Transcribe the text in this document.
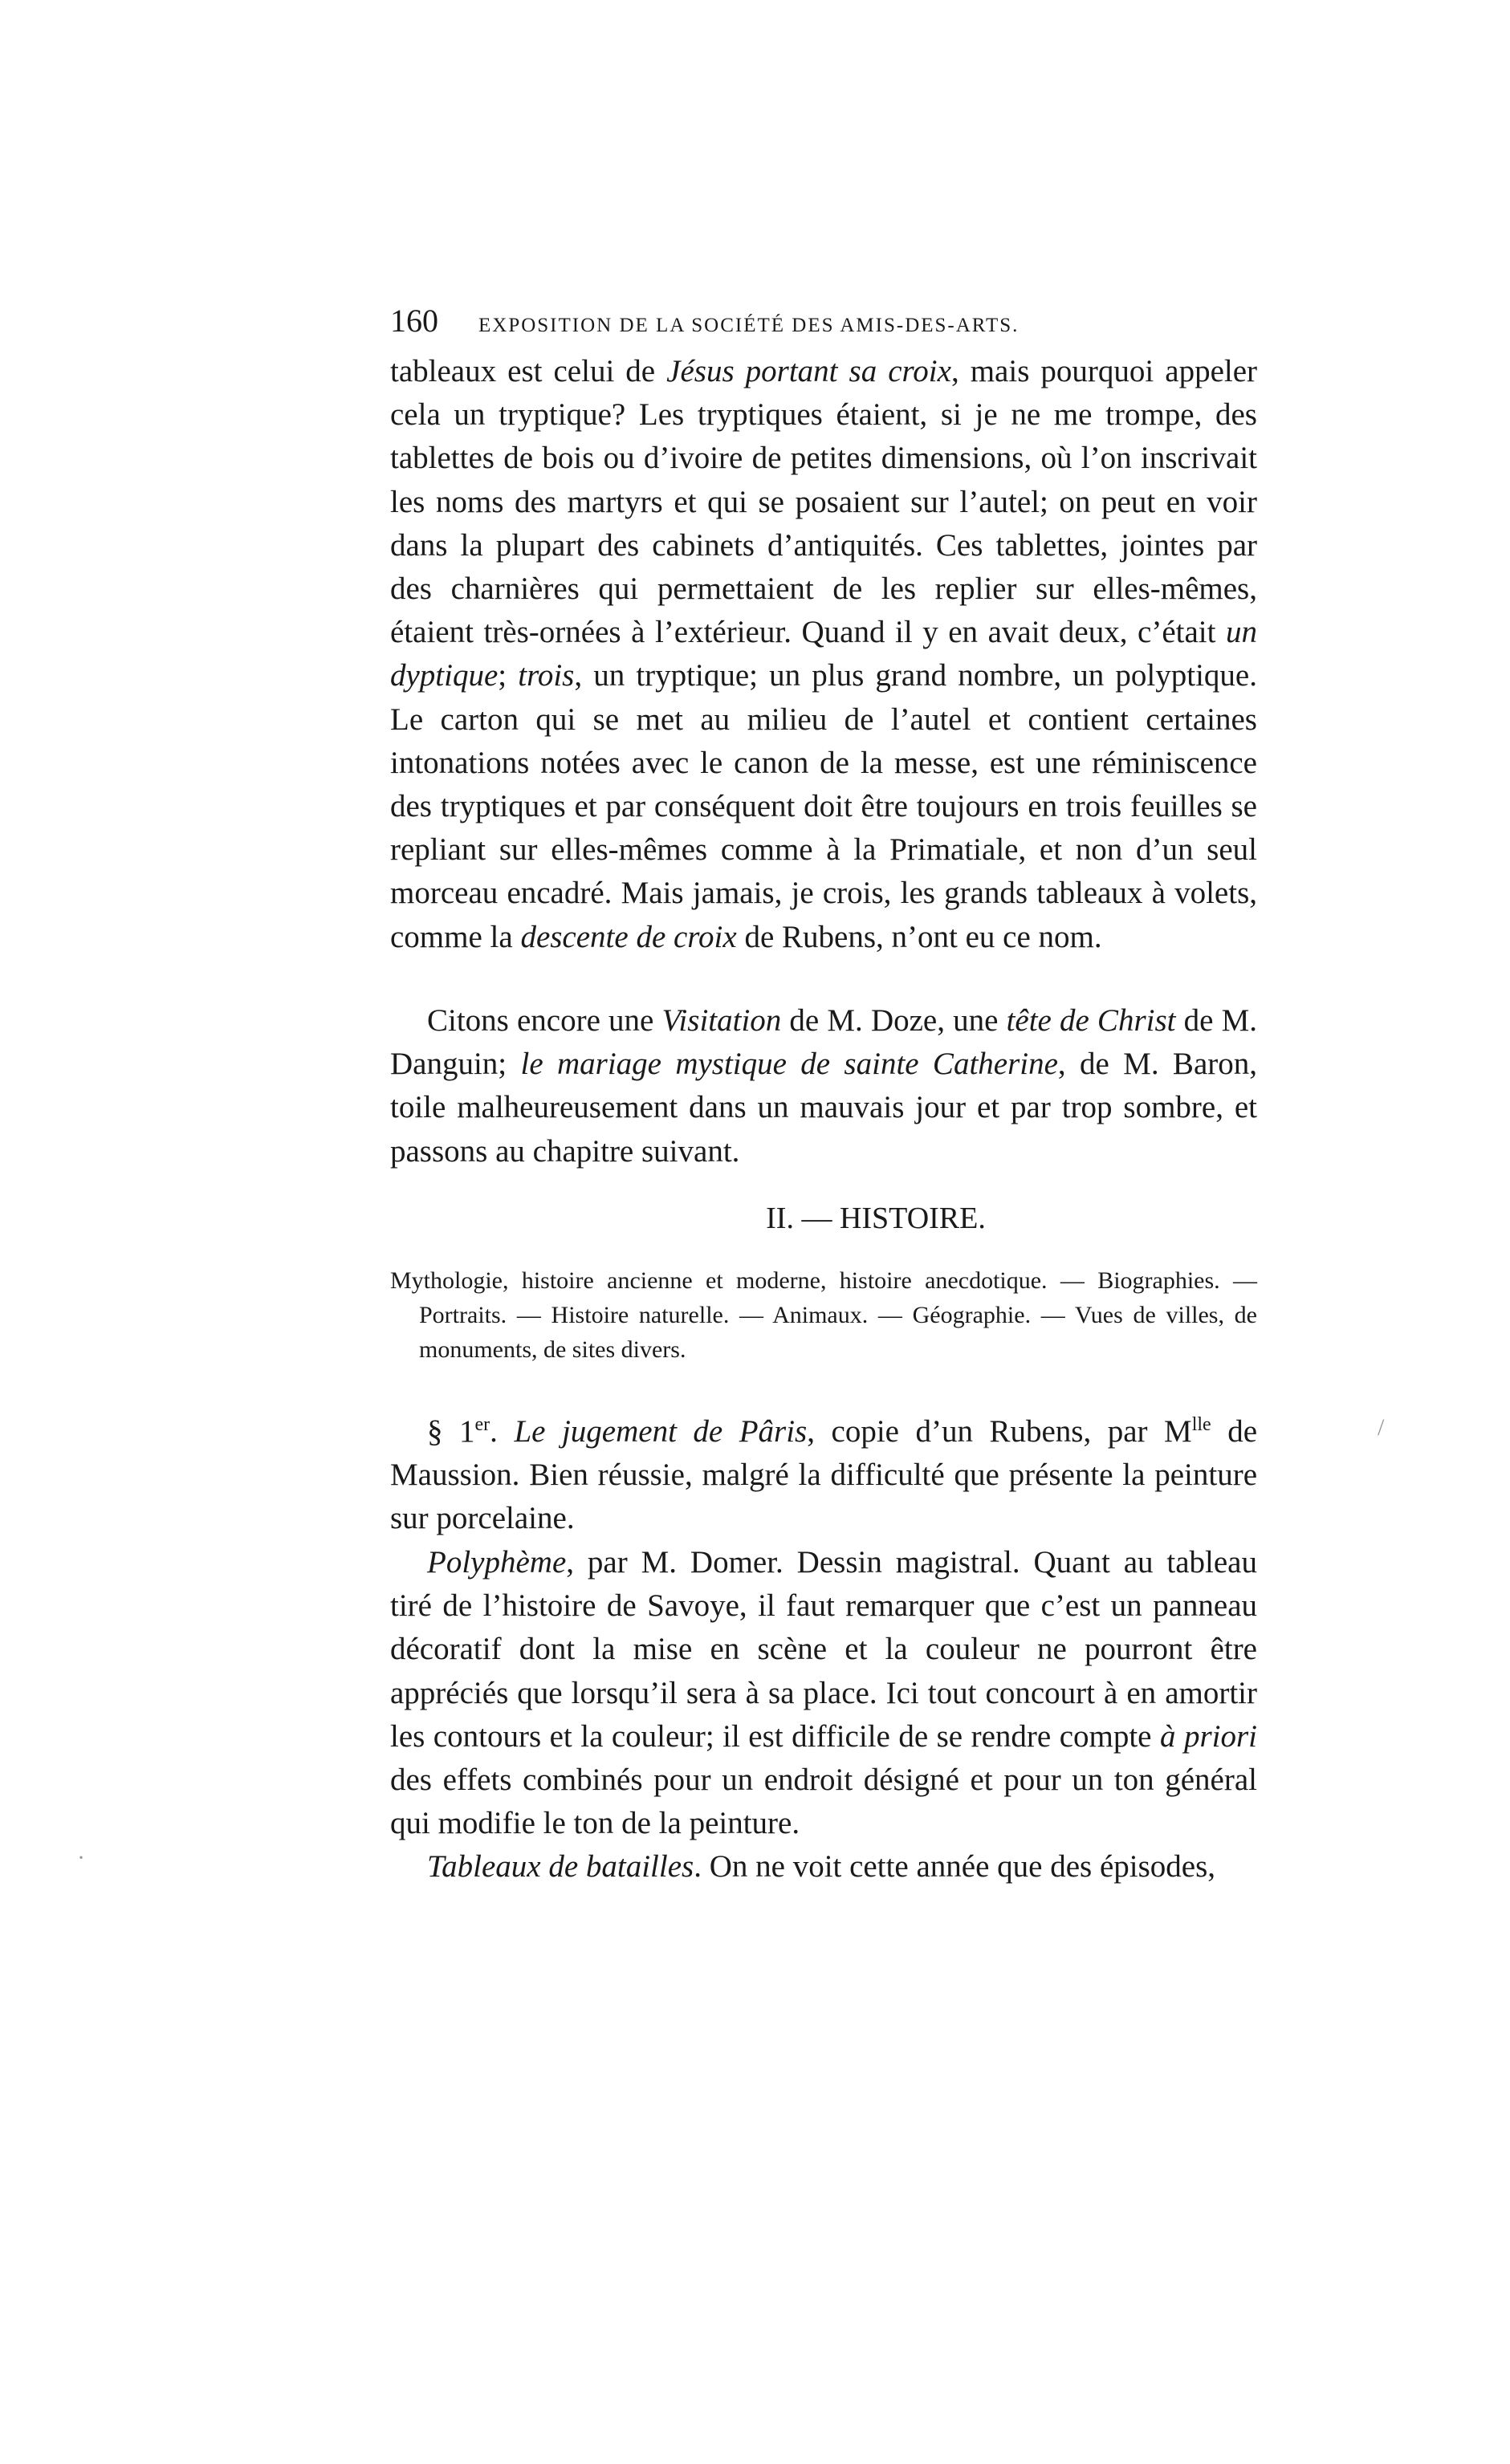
160	EXPOSITION DE LA SOCIÉTÉ DES AMIS-DES-ARTS.

tableaux est celui de Jésus portant sa croix, mais pourquoi appeler cela un tryptique? Les tryptiques étaient, si je ne me trompe, des tablettes de bois ou d’ivoire de petites dimensions, où l’on inscrivait les noms des martyrs et qui se posaient sur l’autel; on peut en voir dans la plupart des cabinets d’antiquités. Ces tablettes, jointes par des charnières qui permettaient de les replier sur elles-mêmes, étaient très-ornées à l’extérieur. Quand il y en avait deux, c’était un dyptique; trois, un tryptique; un plus grand nombre, un polyptique. Le carton qui se met au milieu de l’autel et contient certaines intonations notées avec le canon de la messe, est une réminiscence des tryptiques et par conséquent doit être toujours en trois feuilles se repliant sur elles-mêmes comme à la Primatiale, et non d’un seul morceau encadré. Mais jamais, je crois, les grands tableaux à volets, comme la descente de croix de Rubens, n’ont eu ce nom.

Citons encore une Visitation de M. Doze, une tête de Christ de M. Danguin; le mariage mystique de sainte Catherine, de M. Baron, toile malheureusement dans un mauvais jour et par trop sombre, et passons au chapitre suivant.

II. — HISTOIRE.

Mythologie, histoire ancienne et moderne, histoire anecdotique. — Biographies. — Portraits. — Histoire naturelle. — Animaux. — Géographie. — Vues de villes, de monuments, de sites divers.

§ 1er. Le jugement de Pâris, copie d’un Rubens, par $M^{lle}$ de Maussion. Bien réussie, malgré la difficulté que présente la peinture sur porcelaine.

Polyphème, par M. Domer. Dessin magistral. Quant au tableau tiré de l’histoire de Savoye, il faut remarquer que c’est un panneau décoratif dont la mise en scène et la couleur ne pourront être appréciés que lorsqu’il sera à sa place. Ici tout concourt à en amortir les contours et la couleur; il est difficile de se rendre compte à priori des effets combinés pour un endroit désigné et pour un ton général qui modifie le ton de la peinture.

Tableaux de batailles. On ne voit cette année que des épisodes,

/
·
